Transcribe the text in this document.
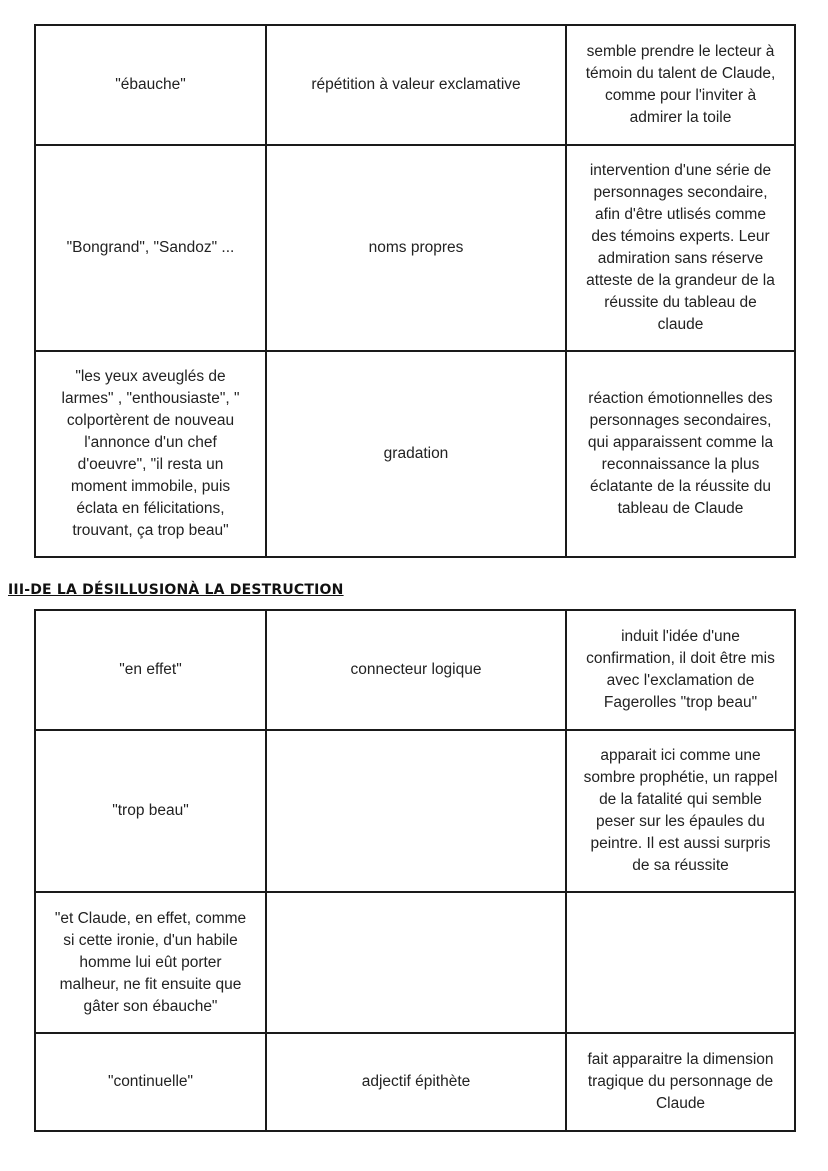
"ébauche"	répétition à valeur exclamative	semble prendre le lecteur à témoin du talent de Claude, comme pour l'inviter à admirer la toile
"Bongrand", "Sandoz" ...	noms propres	intervention d'une série de personnages secondaire, afin d'être utlisés comme des témoins experts. Leur admiration sans réserve atteste de la grandeur de la réussite du tableau de claude
"les yeux aveuglés de larmes" , "enthousiaste", " colportèrent de nouveau l'annonce d'un chef d'oeuvre", "il resta un moment immobile, puis éclata en félicitations, trouvant, ça trop beau"	gradation	réaction émotionnelles des personnages secondaires, qui apparaissent comme la reconnaissance la plus éclatante de la réussite du tableau de Claude
III-DE LA DÉSILLUSIONÀ LA DESTRUCTION
"en effet"	connecteur logique	induit l'idée d'une confirmation, il doit être mis avec l'exclamation de Fagerolles "trop beau"
"trop beau"		apparait ici comme une sombre prophétie, un rappel de la fatalité qui semble peser sur les épaules du peintre. Il est aussi surpris de sa réussite
"et Claude, en effet, comme si cette ironie, d'un habile homme lui eût porter malheur, ne fit ensuite que gâter son ébauche"		
"continuelle"	adjectif épithète	fait apparaitre la dimension tragique du personnage de Claude
